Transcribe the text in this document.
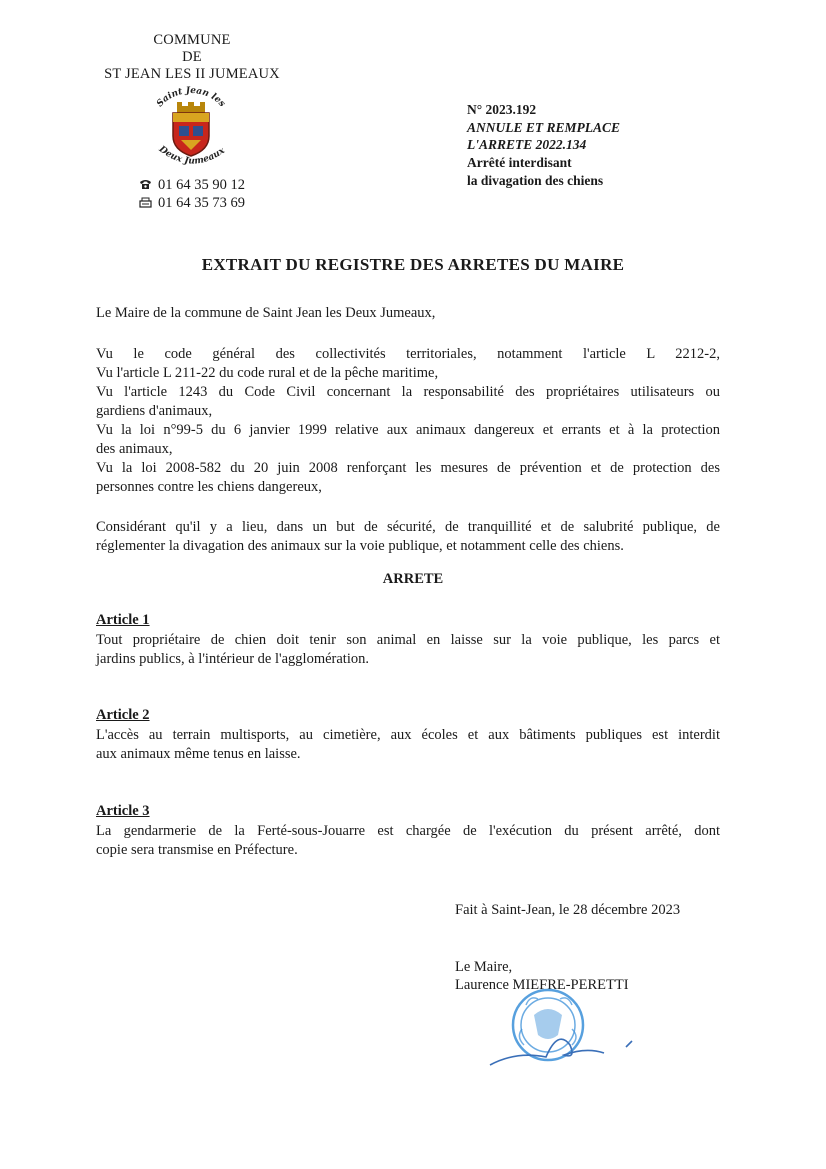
COMMUNE
DE
ST JEAN LES II JUMEAUX
Saint Jean les
Deux Jumeaux
01 64 35 90 12
01 64 35 73 69
N° 2023.192
ANNULE ET REMPLACE
L'ARRETE 2022.134
Arrêté interdisant
la divagation des chiens
EXTRAIT DU REGISTRE DES ARRETES DU MAIRE
Le Maire de la commune de Saint Jean les Deux Jumeaux,
Vu le code général des collectivités territoriales, notamment l'article L 2212-2,
Vu l'article L 211-22 du code rural et de la pêche maritime,
Vu l'article 1243 du Code Civil concernant la responsabilité des propriétaires utilisateurs ou
gardiens d'animaux,
Vu la loi n°99-5 du 6 janvier 1999 relative aux animaux dangereux et errants et à la protection
des animaux,
Vu la loi 2008-582 du 20 juin 2008 renforçant les mesures de prévention et de protection des
personnes contre les chiens dangereux,
Considérant qu'il y a lieu, dans un but de sécurité, de tranquillité et de salubrité publique, de
réglementer la divagation des animaux sur la voie publique, et notamment celle des chiens.
ARRETE
Article 1
Tout propriétaire de chien doit tenir son animal en laisse sur la voie publique, les parcs et
jardins publics, à l'intérieur de l'agglomération.
Article 2
L'accès au terrain multisports, au cimetière, aux écoles et aux bâtiments publiques est interdit
aux animaux même tenus en laisse.
Article 3
La gendarmerie de la Ferté-sous-Jouarre est chargée de l'exécution du présent arrêté, dont
copie sera transmise en Préfecture.
Fait à Saint-Jean, le 28 décembre 2023
Le Maire,
Laurence MIEFRE-PERETTI
